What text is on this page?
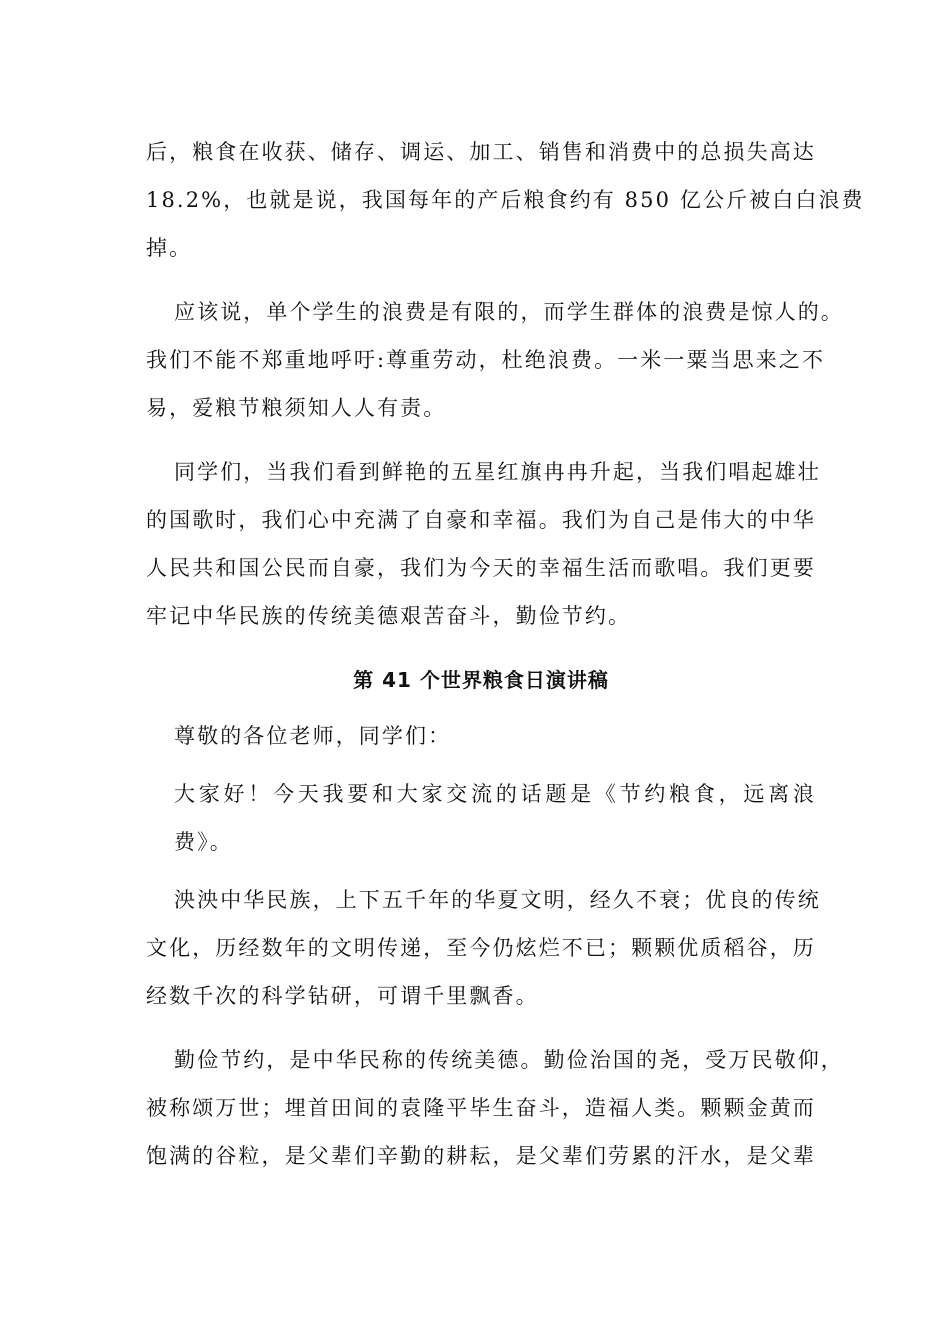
后，粮食在收获、储存、调运、加工、销售和消费中的总损失高达
18.2%，也就是说，我国每年的产后粮食约有 850 亿公斤被白白浪费
掉。
应该说，单个学生的浪费是有限的，而学生群体的浪费是惊人的。
我们不能不郑重地呼吁:尊重劳动，杜绝浪费。一米一粟当思来之不
易，爱粮节粮须知人人有责。
同学们，当我们看到鲜艳的五星红旗冉冉升起，当我们唱起雄壮
的国歌时，我们心中充满了自豪和幸福。我们为自己是伟大的中华
人民共和国公民而自豪，我们为今天的幸福生活而歌唱。我们更要
牢记中华民族的传统美德艰苦奋斗，勤俭节约。
第 41 个世界粮食日演讲稿
尊敬的各位老师，同学们：
大家好！今天我要和大家交流的话题是《节约粮食，远离浪费》。
泱泱中华民族，上下五千年的华夏文明，经久不衰；优良的传统
文化，历经数年的文明传递，至今仍炫烂不已；颗颗优质稻谷，历
经数千次的科学钻研，可谓千里飘香。
勤俭节约，是中华民称的传统美德。勤俭治国的尧，受万民敬仰，
被称颂万世；埋首田间的袁隆平毕生奋斗，造福人类。颗颗金黄而
饱满的谷粒，是父辈们辛勤的耕耘，是父辈们劳累的汗水，是父辈
